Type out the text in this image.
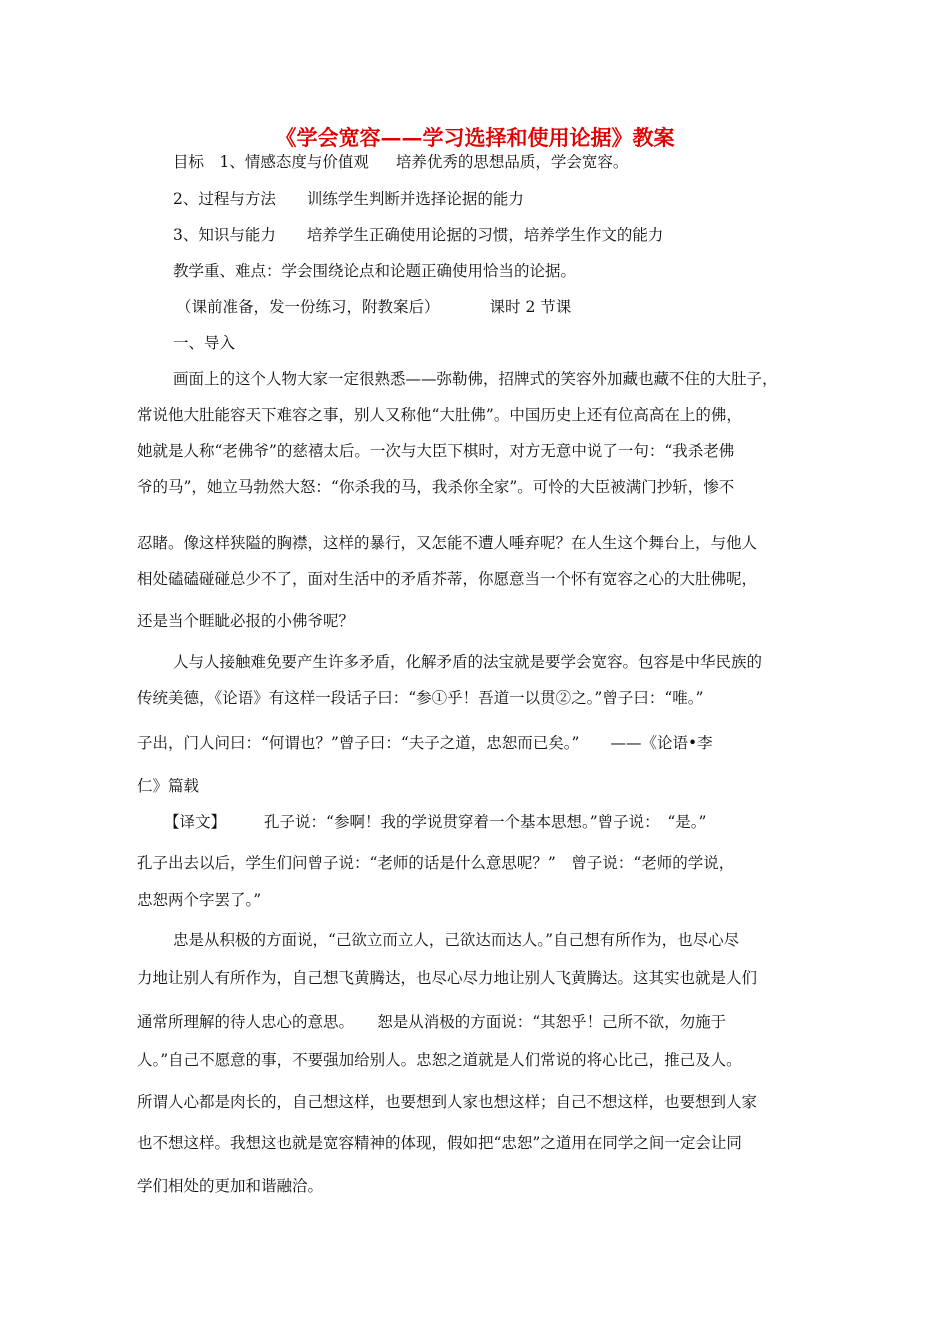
《学会宽容——学习选择和使用论据》教案
目标　1、情感态度与价值观 培养优秀的思想品质，学会宽容。
2、过程与方法 训练学生判断并选择论据的能力
3、知识与能力 培养学生正确使用论据的习惯，培养学生作文的能力
教学重、难点：学会围绕论点和论题正确使用恰当的论据。
（课前准备，发一份练习，附教案后）	课时 2 节课
一、导入
画面上的这个人物大家一定很熟悉——弥勒佛，招牌式的笑容外加藏也藏不住的大肚子，
常说他大肚能容天下难容之事，别人又称他“大肚佛”。中国历史上还有位高高在上的佛，
她就是人称“老佛爷”的慈禧太后。一次与大臣下棋时，对方无意中说了一句：“我杀老佛
爷的马”，她立马勃然大怒：“你杀我的马，我杀你全家”。可怜的大臣被满门抄斩，惨不
忍睹。像这样狭隘的胸襟，这样的暴行，又怎能不遭人唾弃呢？在人生这个舞台上，与他人
相处磕磕碰碰总少不了，面对生活中的矛盾芥蒂，你愿意当一个怀有宽容之心的大肚佛呢，
还是当个睚眦必报的小佛爷呢？
人与人接触难免要产生许多矛盾，化解矛盾的法宝就是要学会宽容。包容是中华民族的
传统美德，《论语》有这样一段话子曰：“参①乎！吾道一以贯②之。”曾子曰：“唯。”
子出，门人问曰：“何谓也？”曾子曰：“夫子之道，忠恕而已矣。”　　——《论语•李
仁》篇载
【译文】 孔子说：“参啊！我的学说贯穿着一个基本思想。”曾子说：　“是。”
孔子出去以后，学生们问曾子说：“老师的话是什么意思呢？”　曾子说：“老师的学说，
忠恕两个字罢了。”
忠是从积极的方面说，“己欲立而立人，己欲达而达人。”自己想有所作为，也尽心尽
力地让别人有所作为，自己想飞黄腾达，也尽心尽力地让别人飞黄腾达。这其实也就是人们
通常所理解的待人忠心的意思。　　恕是从消极的方面说：“其恕乎！己所不欲，勿施于
人。”自己不愿意的事，不要强加给别人。忠恕之道就是人们常说的将心比己，推己及人。
所谓人心都是肉长的，自己想这样，也要想到人家也想这样；自己不想这样，也要想到人家
也不想这样。我想这也就是宽容精神的体现，假如把“忠恕”之道用在同学之间一定会让同
学们相处的更加和谐融洽。
